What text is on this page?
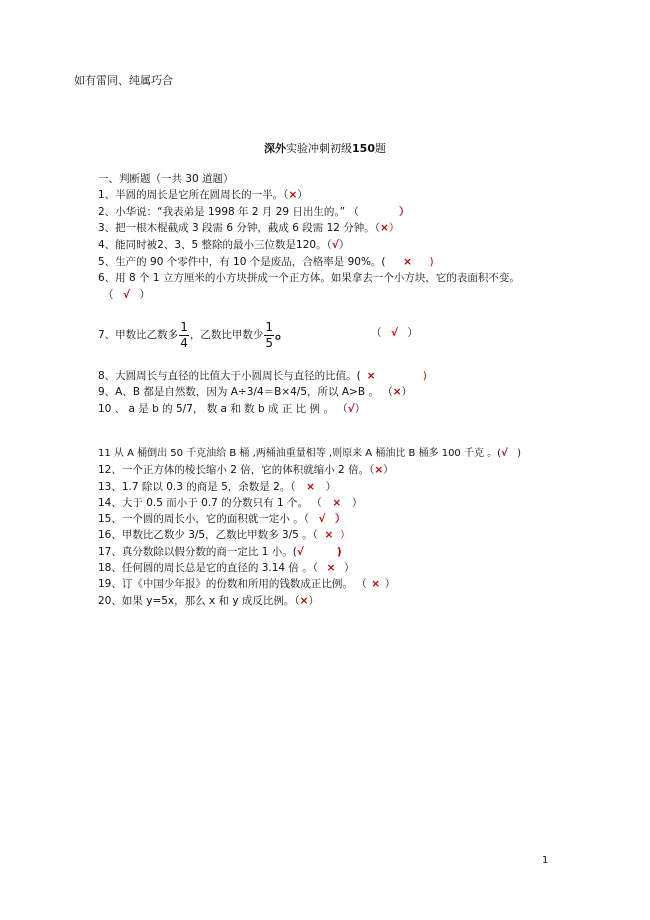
如有雷同、纯属巧合
深外实验冲刺初级150题
一、判断题（一共 30 道题）
1、半圆的周长是它所在圆周长的一半。（×）
2、小华说：“我表弟是 1998 年 2 月 29 日出生的。” （	）
3、把一根木棍截成 3 段需 6 分钟，截成 6 段需 12 分钟。（×）
4、能同时被2、3、5 整除的最小三位数是120。（√）
5、生产的 90 个零件中，有 10 个是废品，合格率是 90%。( × )
6、用 8 个 1 立方厘米的小方块拼成一个正方体。如果拿去一个小方块，它的表面积不变。
（ √ ）
7、甲数比乙数多 $\frac{1}{4}$ ，乙数比甲数少 $\frac{1}{5}$ 。	（ √ ）
8、大圆周长与直径的比值大于小圆周长与直径的比值。( ×	)
9、A、B 都是自然数，因为 A÷3/4＝B×4/5，所以 A>B 。 （×）
10 、 a 是 b 的 5/7， 数 a 和 数 b 成 正 比 例 。 （√）
11 从 A 桶倒出 50 千克油给 B 桶 ,两桶油重量相等 ,则原来 A 桶油比 B 桶多 100 千克 。(√ )
12、一个正方体的棱长缩小 2 倍，它的体积就缩小 2 倍。（×）
13、1.7 除以 0.3 的商是 5，余数是 2。（ × ）
14、大于 0.5 而小于 0.7 的分数只有 1 个。 （ × ）
15、一个圆的周长小，它的面积就一定小 。（ √ ）
16、甲数比乙数少 3/5，乙数比甲数多 3/5 。（ × ）
17、真分数除以假分数的商一定比 1 小。(√	)
18、任何圆的周长总是它的直径的 3.14 倍 。（ × ）
19、订《中国少年报》的份数和所用的钱数成正比例。 （ × ）
20、如果 y=5x，那么 x 和 y 成反比例。（×）
1
